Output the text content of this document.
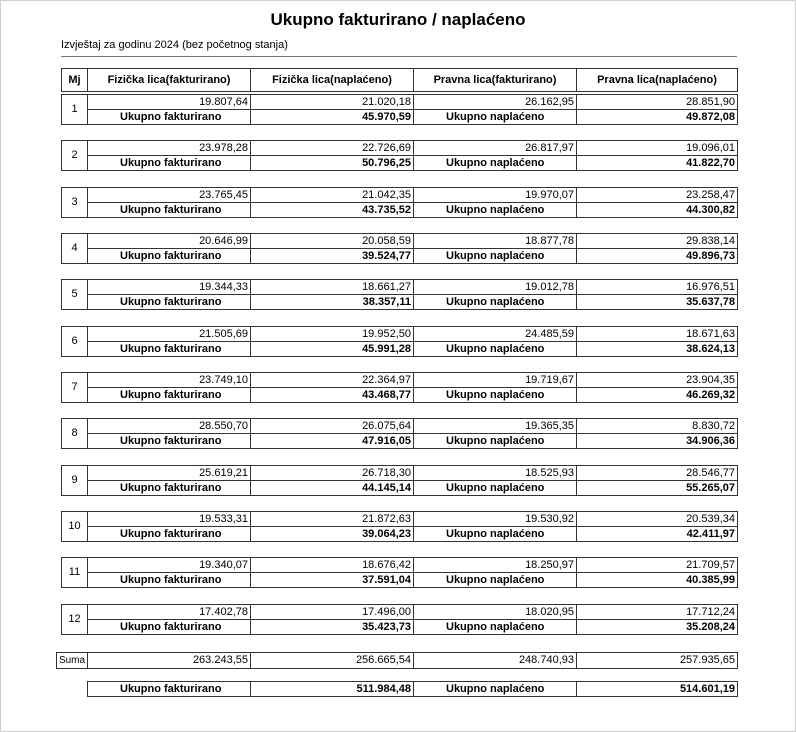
Ukupno fakturirano / naplaćeno
Izvještaj za godinu 2024 (bez početnog stanja)
Mj	Fizička lica(fakturirano)	Fizička lica(naplaćeno)	Pravna lica(fakturirano)	Pravna lica(naplaćeno)
1
19.807,64	21.020,18	26.162,95	28.851,90
Ukupno fakturirano	45.970,59	Ukupno naplaćeno	49.872,08
2
23.978,28	22.726,69	26.817,97	19.096,01
Ukupno fakturirano	50.796,25	Ukupno naplaćeno	41.822,70
3
23.765,45	21.042,35	19.970,07	23.258,47
Ukupno fakturirano	43.735,52	Ukupno naplaćeno	44.300,82
4
20.646,99	20.058,59	18.877,78	29.838,14
Ukupno fakturirano	39.524,77	Ukupno naplaćeno	49.896,73
5
19.344,33	18.661,27	19.012,78	16.976,51
Ukupno fakturirano	38.357,11	Ukupno naplaćeno	35.637,78
6
21.505,69	19.952,50	24.485,59	18.671,63
Ukupno fakturirano	45.991,28	Ukupno naplaćeno	38.624,13
7
23.749,10	22.364,97	19.719,67	23.904,35
Ukupno fakturirano	43.468,77	Ukupno naplaćeno	46.269,32
8
28.550,70	26.075,64	19.365,35	8.830,72
Ukupno fakturirano	47.916,05	Ukupno naplaćeno	34.906,36
9
25.619,21	26.718,30	18.525,93	28.546,77
Ukupno fakturirano	44.145,14	Ukupno naplaćeno	55.265,07
10
19.533,31	21.872,63	19.530,92	20.539,34
Ukupno fakturirano	39.064,23	Ukupno naplaćeno	42.411,97
11
19.340,07	18.676,42	18.250,97	21.709,57
Ukupno fakturirano	37.591,04	Ukupno naplaćeno	40.385,99
12
17.402,78	17.496,00	18.020,95	17.712,24
Ukupno fakturirano	35.423,73	Ukupno naplaćeno	35.208,24
Suma	263.243,55	256.665,54	248.740,93	257.935,65
Ukupno fakturirano	511.984,48	Ukupno naplaćeno	514.601,19
